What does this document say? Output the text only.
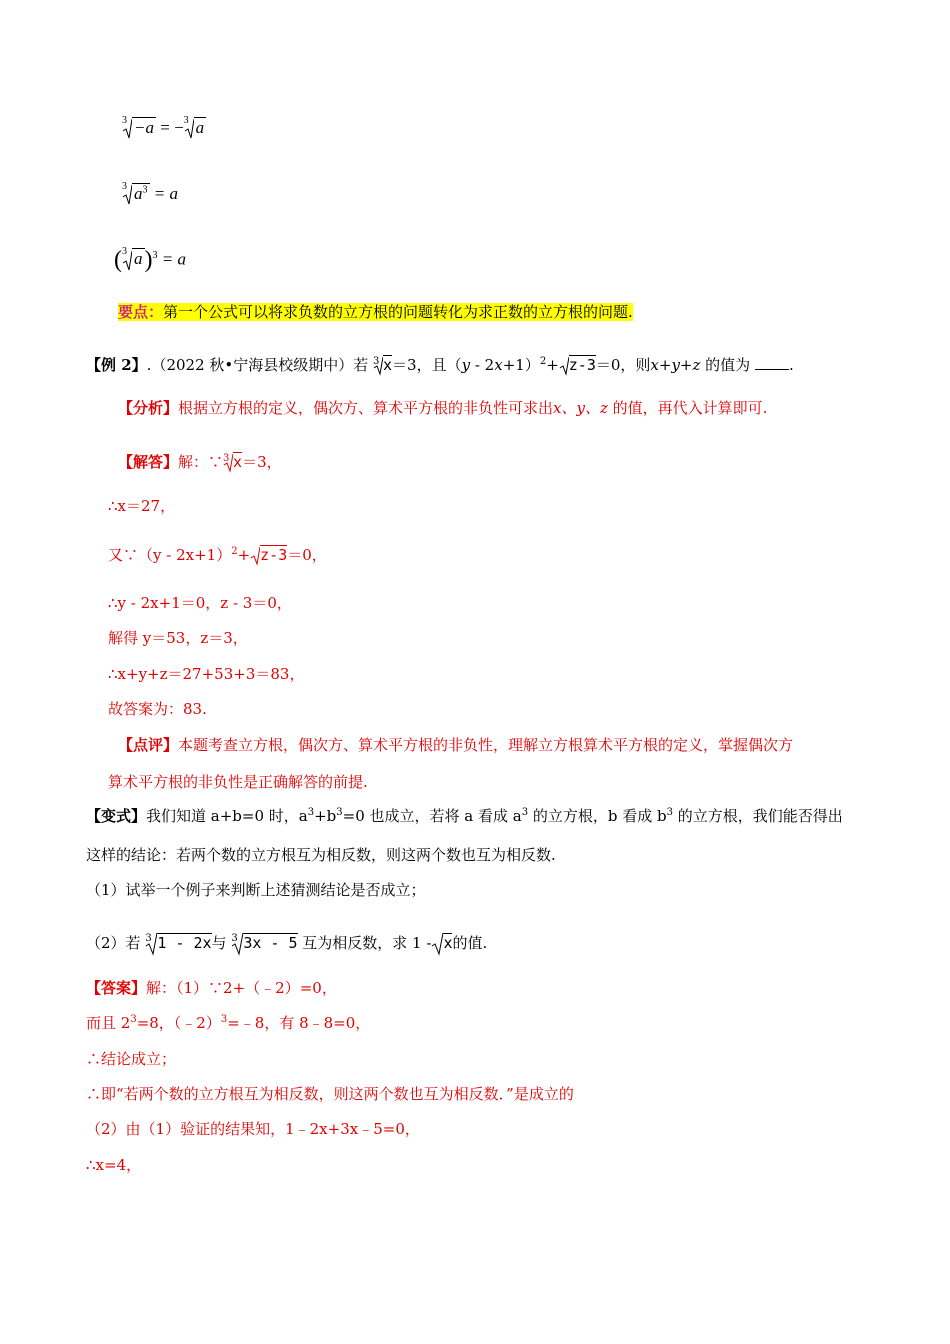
3 −a = − 3 a
3 $a^3 = a$
( 3 a)$^3$ = a
要点：第一个公式可以将求负数的立方根的问题转化为求正数的立方根的问题.
【例 2】.（2022 秋•宁海县校级期中）若 3 x＝3，且$(y - 2x+1)^2+ z-3=0$，则x+y+z 的值为 .
【分析】根据立方根的定义，偶次方、算术平方根的非负性可求出x、y、z 的值，再代入计算即可.
【解答】解：∵ 3 x＝3，
∴x＝27，
又∵（y - 2x+1）$^2$+ z-3＝0，
∴y - 2x+1＝0，z - 3＝0，
解得 y＝53，z＝3，
∴x+y+z＝27+53+3＝83，
故答案为：83.
【点评】本题考查立方根，偶次方、算术平方根的非负性，理解立方根算术平方根的定义，掌握偶次方
算术平方根的非负性是正确解答的前提.
【变式】我们知道 a+b=0 时，$a^3+b^3=0$ 也成立，若将 a 看成 $a^3$ 的立方根，b 看成 $b^3$ 的立方根，我们能否得出
这样的结论：若两个数的立方根互为相反数，则这两个数也互为相反数.
（1）试举一个例子来判断上述猜测结论是否成立；
（2）若 3 1 - 2x与 3 3x - 5 互为相反数，求 1 - x的值.
【答案】解：（1）∵2+（﹣2）=0，
而且 $2^3=8$，（﹣2）$^3$=﹣8，有 8﹣8=0，
∴结论成立；
∴即“若两个数的立方根互为相反数，则这两个数也互为相反数．”是成立的
（2）由（1）验证的结果知，1﹣2x+3x﹣5=0，
∴x=4，
